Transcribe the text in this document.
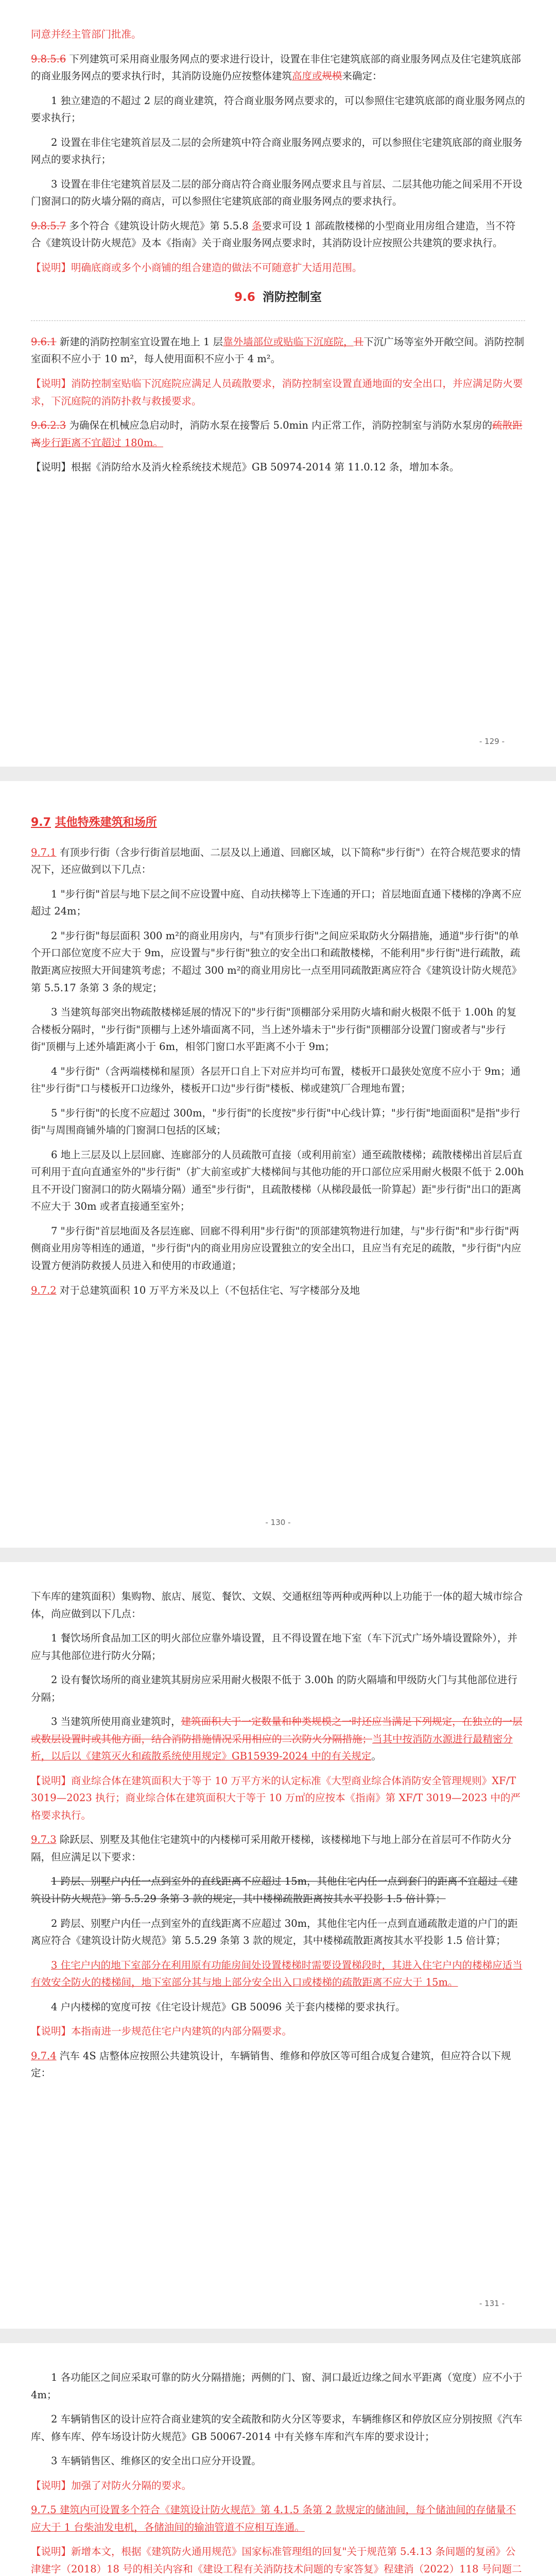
同意并经主管部门批准。

9.8.5.6 下列建筑可采用商业服务网点的要求进行设计，设置在非住宅建筑底部的商业服务网点及住宅建筑底部的商业服务网点的要求执行时，其消防设施仍应按整体建筑高度或规模来确定：

1 独立建造的不超过 2 层的商业建筑，符合商业服务网点要求的，可以参照住宅建筑底部的商业服务网点的要求执行；

2 设置在非住宅建筑首层及二层的会所建筑中符合商业服务网点要求的，可以参照住宅建筑底部的商业服务网点的要求执行；

3 设置在非住宅建筑首层及二层的部分商店符合商业服务网点要求且与首层、二层其他功能之间采用不开设门窗洞口的防火墙分隔的商店，可以参照住宅建筑底部的商业服务网点的要求执行。

9.8.5.7 多个符合《建筑设计防火规范》第 5.5.8 条要求可设 1 部疏散楼梯的小型商业用房组合建造，当不符合《建筑设计防火规范》及本《指南》关于商业服务网点要求时，其消防设计应按照公共建筑的要求执行。

【说明】明确底商或多个小商铺的组合建造的做法不可随意扩大适用范围。

9.6 消防控制室

9.6.1 新建的消防控制室宜设置在地上 1 层靠外墙部位或贴临下沉庭院，且下沉广场等室外开敞空间。消防控制室面积不应小于 10 m²，每人使用面积不应小于 4 m²。

【说明】消防控制室贴临下沉庭院应满足人员疏散要求，消防控制室设置直通地面的安全出口，并应满足防火要求，下沉庭院的消防扑救与救援要求。

9.6.2.3 为确保在机械应急启动时，消防水泵在接警后 5.0min 内正常工作，消防控制室与消防水泵房的疏散距离步行距离不宜超过 180m。

【说明】根据《消防给水及消火栓系统技术规范》GB 50974-2014 第 11.0.12 条，增加本条。

- 129 -
9.7 其他特殊建筑和场所

9.7.1 有顶步行街（含步行街首层地面、二层及以上通道、回廊区域，以下简称"步行街"）在符合规范要求的情况下，还应做到以下几点：

1 "步行街"首层与地下层之间不应设置中庭、自动扶梯等上下连通的开口；首层地面直通下楼梯的净离不应超过 24m；

2 "步行街"每层面积 300 m²的商业用房内，与"有顶步行街"之间应采取防火分隔措施，通道"步行街"的单个开口部位宽度不应大于 9m，应设置与"步行街"独立的安全出口和疏散楼梯，不能利用"步行街"进行疏散，疏散距离应按照大开间建筑考虑；不超过 300 m²的商业用房比一点至用同疏散距离应符合《建筑设计防火规范》第 5.5.17 条第 3 条的规定；

3 当建筑每部突出物疏散楼梯延展的情况下的"步行街"顶棚部分采用防火墙和耐火极限不低于 1.00h 的复合楼板分隔时，"步行街"顶棚与上述外墙面离不同，当上述外墙未于"步行街"顶棚部分设置门窗或者与"步行街"顶棚与上述外墙距离小于 6m，相邻门窗口水平距离不小于 9m；

4 "步行街"（含两端楼梯和屋顶）各层开口自上下对应并均可布置，楼板开口最狭处宽度不应小于 9m；通往"步行街"口与楼板开口边缘外，楼板开口边"步行街"楼板、梯或建筑厂合理地布置；

5 "步行街"的长度不应超过 300m，"步行街"的长度按"步行街"中心线计算；"步行街"地面面积"是指"步行街"与周围商铺外墙的门窗洞口包括的区域；

6 地上三层及以上层回廊、连廊部分的人员疏散可直接（或利用前室）通至疏散楼梯；疏散楼梯出首层后直可利用于直向直通室外的"步行街"（扩大前室或扩大楼梯间与其他功能的开口部位应采用耐火极限不低于 2.00h 且不开设门窗洞口的防火隔墙分隔）通至"步行街"，且疏散楼梯（从梯段最低一阶算起）距"步行街"出口的距离不应大于 30m 或者直接通至室外；

7 "步行街"首层地面及各层连廊、回廊不得利用"步行街"的顶部建筑物进行加建，与"步行街"和"步行街"两侧商业用房等相连的通道，"步行街"内的商业用房应设置独立的安全出口，且应当有充足的疏散，"步行街"内应设置方便消防救援人员进入和使用的市政通道；

9.7.2 对于总建筑面积 10 万平方米及以上（不包括住宅、写字楼部分及地

- 130 -

下车库的建筑面积）集购物、旅店、展览、餐饮、文娱、交通枢纽等两种或两种以上功能于一体的超大城市综合体，尚应做到以下几点：

1 餐饮场所食品加工区的明火部位应靠外墙设置，且不得设置在地下室（车下沉式广场外墙设置除外），并应与其他部位进行防火分隔；

2 设有餐饮场所的商业建筑其厨房应采用耐火极限不低于 3.00h 的防火隔墙和甲级防火门与其他部位进行分隔；

3 当建筑所使用商业建筑时，建筑面积大于一定数量和种类规模之一时还应当满足下列规定，在独立的一层或数层设置时或其他方面，结合消防措施情况采用相应的二次防火分隔措施；当其中按消防水源进行最精密分析，以后以《建筑灭火和疏散系统使用规定》GB15939-2024 中的有关规定。

【说明】商业综合体在建筑面积大于等于 10 万平方米的认定标准《大型商业综合体消防安全管理规则》XF/T 3019—2023 执行；商业综合体在建筑面积大于等于 10 万㎡的应按本《指南》第 XF/T 3019—2023 中的严格要求执行。

9.7.3 除跃层、别墅及其他住宅建筑中的内楼梯可采用敞开楼梯，该楼梯地下与地上部分在首层可不作防火分隔，但应满足以下要求：

1 跨层、别墅户内任一点到室外的直线距离不应超过 15m，其他住宅内任一点到套门的距离不宜超过《建筑设计防火规范》第 5.5.29 条第 3 款的规定，其中楼梯疏散距离按其水平投影 1.5 倍计算；

2 跨层、别墅户内任一点到室外的直线距离不应超过 30m，其他住宅内任一点到直通疏散走道的户门的距离应符合《建筑设计防火规范》第 5.5.29 条第 3 款的规定，其中楼梯疏散距离按其水平投影 1.5 倍计算；

3 住宅户内的地下室部分在利用原有功能房间处设置楼梯时需要设置梯段时，其进入住宅户内的楼梯应适当有效安全防火的楼梯间，地下室部分其与地上部分安全出入口或楼梯的疏散距离不应大于 15m。

4 户内楼梯的宽度可按《住宅设计规范》GB 50096 关于套内楼梯的要求执行。

【说明】本指南进一步规范住宅户内建筑的内部分隔要求。

9.7.4 汽车 4S 店整体应按照公共建筑设计，车辆销售、维修和停放区等可组合成复合建筑，但应符合以下规定：

- 131 -

1 各功能区之间应采取可靠的防火分隔措施；两侧的门、窗、洞口最近边缘之间水平距离（宽度）应不小于 4m；

2 车辆销售区的设计应符合商业建筑的安全疏散和防火分区等要求，车辆维修区和停放区应分别按照《汽车库、修车库、停车场设计防火规范》GB 50067-2014 中有关修车库和汽车库的要求设计；

3 车辆销售区、维修区的安全出口应分开设置。

【说明】加强了对防火分隔的要求。

9.7.5 建筑内可设置多个符合《建筑设计防火规范》第 4.1.5 条第 2 款规定的储油间，每个储油间的存储量不应大于 1 台柴油发电机，各储油间的输油管道不应相互连通。

【说明】新增本文，根据《建筑防火通用规范》国家标准管理组的回复"关于规范第 5.4.13 条间题的复函》公津建字（2018）18 号的相关内容和《建设工程有关消防技术问题的专家答复》程建消（2022）118 号问题二
